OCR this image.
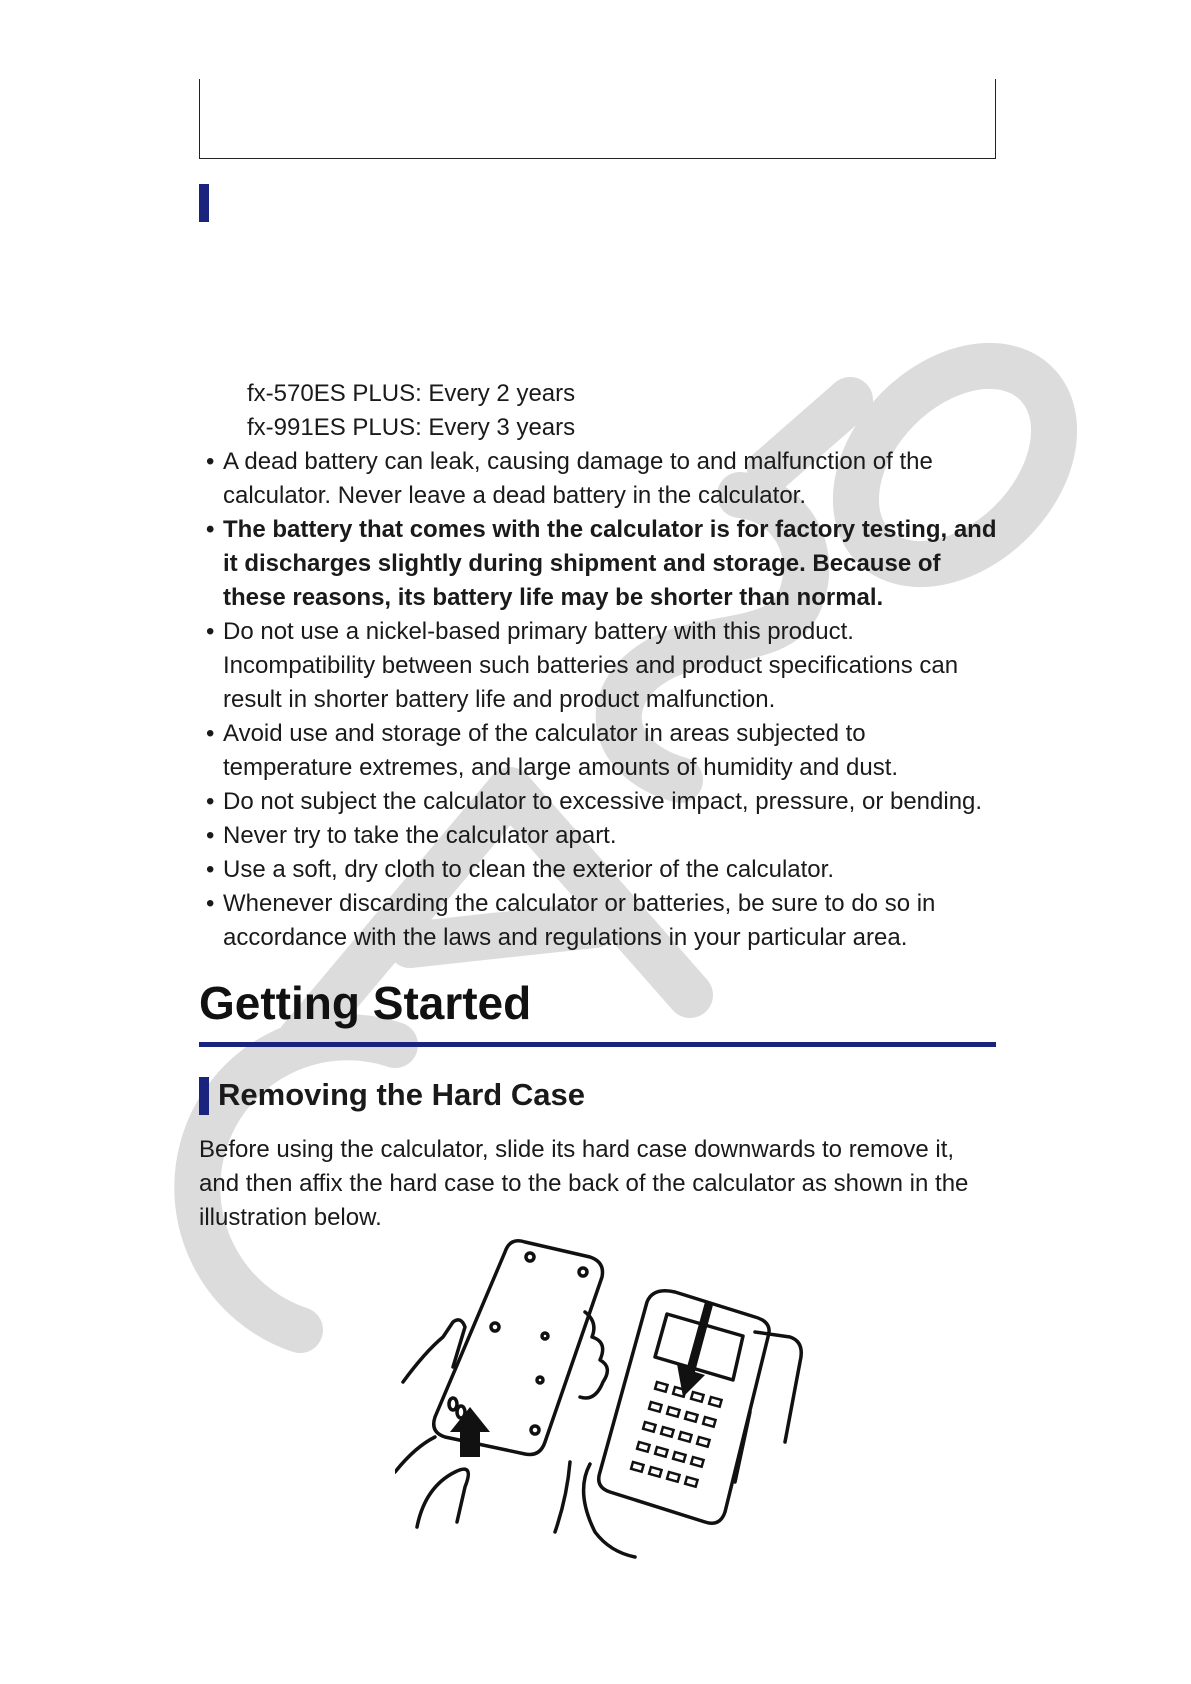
fx-570ES PLUS: Every 2 years
fx-991ES PLUS: Every 3 years
• A dead battery can leak, causing damage to and malfunction of the calculator. Never leave a dead battery in the calculator.
• The battery that comes with the calculator is for factory testing, and it discharges slightly during shipment and storage. Because of these reasons, its battery life may be shorter than normal.
• Do not use a nickel-based primary battery with this product. Incompatibility between such batteries and product specifications can result in shorter battery life and product malfunction.
• Avoid use and storage of the calculator in areas subjected to temperature extremes, and large amounts of humidity and dust.
• Do not subject the calculator to excessive impact, pressure, or bending.
• Never try to take the calculator apart.
• Use a soft, dry cloth to clean the exterior of the calculator.
• Whenever discarding the calculator or batteries, be sure to do so in accordance with the laws and regulations in your particular area.
Getting Started
Removing the Hard Case

Before using the calculator, slide its hard case downwards to remove it, and then affix the hard case to the back of the calculator as shown in the illustration below.
